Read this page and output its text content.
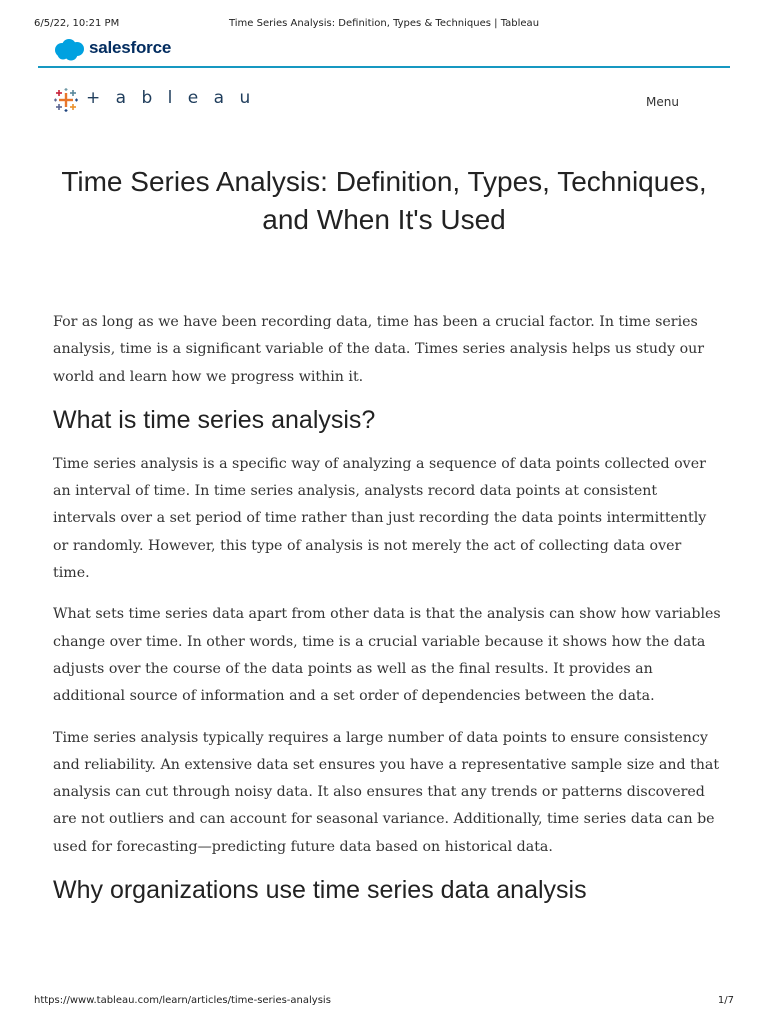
6/5/22, 10:21 PM	Time Series Analysis: Definition, Types & Techniques | Tableau
salesforce
+ a b l e a u	Menu
Time Series Analysis: Definition, Types, Techniques, and When It's Used

For as long as we have been recording data, time has been a crucial factor. In time series analysis, time is a significant variable of the data. Times series analysis helps us study our world and learn how we progress within it.

What is time series analysis?

Time series analysis is a specific way of analyzing a sequence of data points collected over an interval of time. In time series analysis, analysts record data points at consistent intervals over a set period of time rather than just recording the data points intermittently or randomly. However, this type of analysis is not merely the act of collecting data over time.

What sets time series data apart from other data is that the analysis can show how variables change over time. In other words, time is a crucial variable because it shows how the data adjusts over the course of the data points as well as the final results. It provides an additional source of information and a set order of dependencies between the data.

Time series analysis typically requires a large number of data points to ensure consistency and reliability. An extensive data set ensures you have a representative sample size and that analysis can cut through noisy data. It also ensures that any trends or patterns discovered are not outliers and can account for seasonal variance. Additionally, time series data can be used for forecasting—predicting future data based on historical data.

Why organizations use time series data analysis
https://www.tableau.com/learn/articles/time-series-analysis	1/7
